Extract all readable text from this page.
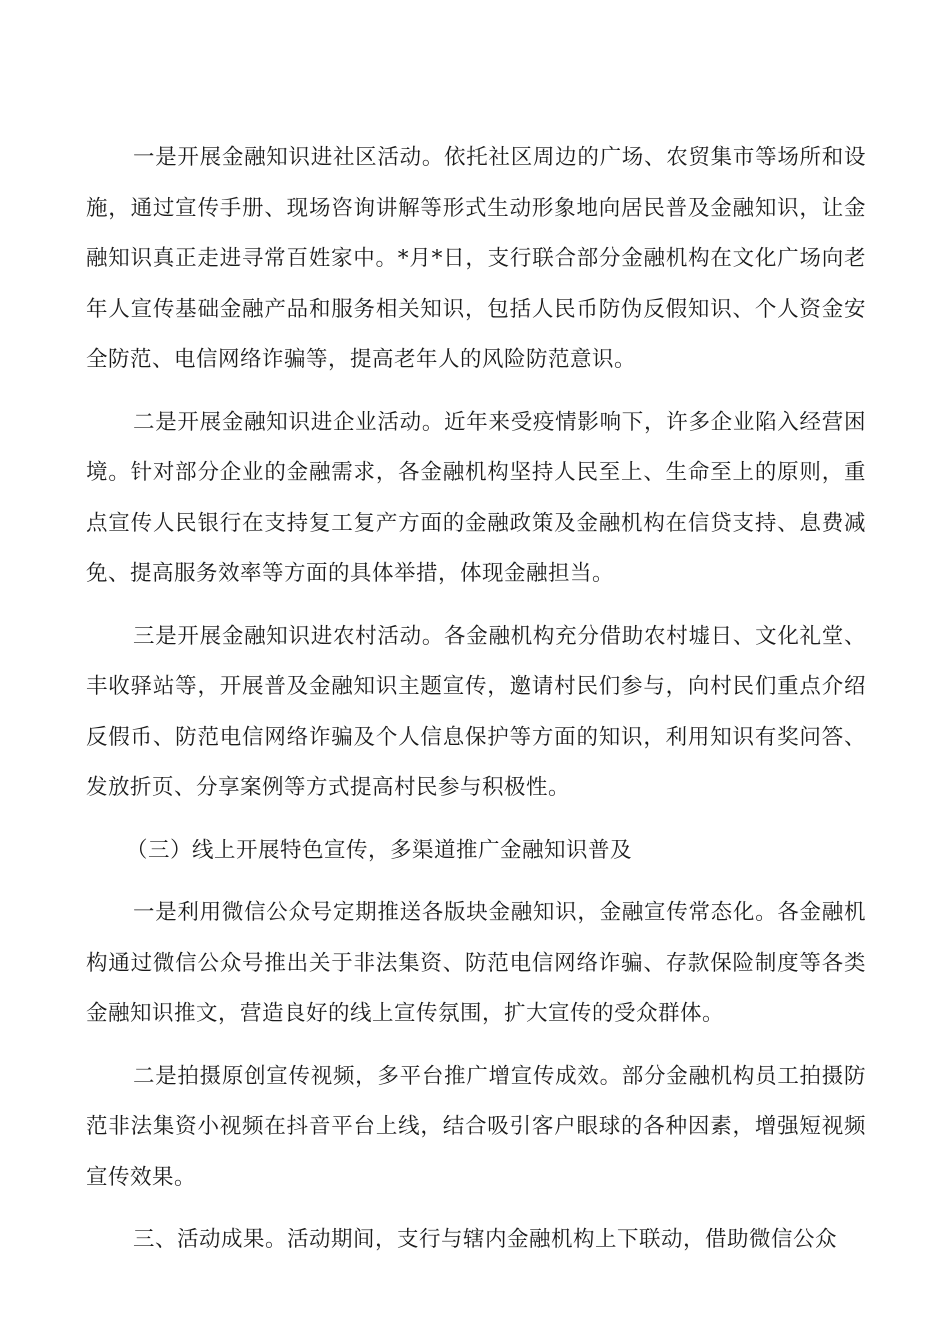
一是开展金融知识进社区活动。依托社区周边的广场、农贸集市等场所和设施，通过宣传手册、现场咨询讲解等形式生动形象地向居民普及金融知识，让金融知识真正走进寻常百姓家中。*月*日，支行联合部分金融机构在文化广场向老年人宣传基础金融产品和服务相关知识，包括人民币防伪反假知识、个人资金安全防范、电信网络诈骗等，提高老年人的风险防范意识。

二是开展金融知识进企业活动。近年来受疫情影响下，许多企业陷入经营困境。针对部分企业的金融需求，各金融机构坚持人民至上、生命至上的原则，重点宣传人民银行在支持复工复产方面的金融政策及金融机构在信贷支持、息费减免、提高服务效率等方面的具体举措，体现金融担当。

三是开展金融知识进农村活动。各金融机构充分借助农村墟日、文化礼堂、丰收驿站等，开展普及金融知识主题宣传，邀请村民们参与，向村民们重点介绍反假币、防范电信网络诈骗及个人信息保护等方面的知识，利用知识有奖问答、发放折页、分享案例等方式提高村民参与积极性。

（三）线上开展特色宣传，多渠道推广金融知识普及

一是利用微信公众号定期推送各版块金融知识，金融宣传常态化。各金融机构通过微信公众号推出关于非法集资、防范电信网络诈骗、存款保险制度等各类金融知识推文，营造良好的线上宣传氛围，扩大宣传的受众群体。

二是拍摄原创宣传视频，多平台推广增宣传成效。部分金融机构员工拍摄防范非法集资小视频在抖音平台上线，结合吸引客户眼球的各种因素，增强短视频宣传效果。

三、活动成果。活动期间，支行与辖内金融机构上下联动，借助微信公众
